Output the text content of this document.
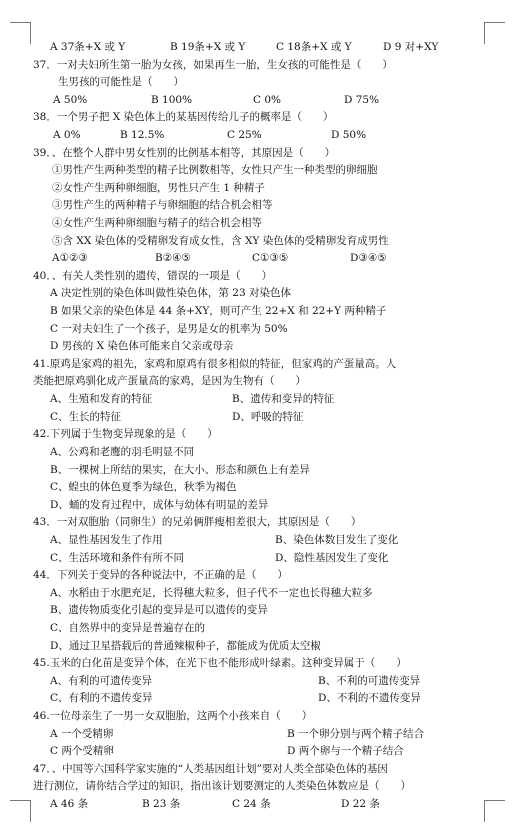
A 37条+X 或 Y	B 19条+X 或 Y	C 18条+X 或 Y	D 9 对+XY
37．一对夫妇所生第一胎为女孩，如果再生一胎，生女孩的可能性是（　　）
生男孩的可能性是（　　）
A 50%	B 100%	C 0%	D 75%
38．一个男子把 X 染色体上的某基因传给儿子的概率是（　　）
A 0%	B 12.5%	C 25%	D 50%
39．、在整个人群中男女性别的比例基本相等，其原因是（　　）
①男性产生两种类型的精子比例数相等，女性只产生一种类型的卵细胞
②女性产生两种卵细胞，男性只产生 1 种精子
③男性产生的两种精子与卵细胞的结合机会相等
④女性产生两种卵细胞与精子的结合机会相等
⑤含 XX 染色体的受精卵发育成女性，含 XY 染色体的受精卵发育成男性
A①②③	B②④⑤	C①③⑤	D③④⑤
40．、有关人类性别的遗传，错误的一项是（　　）
A 决定性别的染色体叫做性染色体，第 23 对染色体
B 如果父亲的染色体是 44 条+XY，则可产生 22+X 和 22+Y 两种精子
C 一对夫妇生了一个孩子，是男是女的机率为 50%
D 男孩的 X 染色体可能来自父亲或母亲
41.原鸡是家鸡的祖先，家鸡和原鸡有很多相似的特征，但家鸡的产蛋量高。人
类能把原鸡驯化成产蛋量高的家鸡，是因为生物有（　　）
A、生殖和发育的特征	B、遗传和变异的特征
C、生长的特征	D、呼吸的特征
42.下列属于生物变异现象的是（　　）
A、公鸡和老鹰的羽毛明显不同
B、一棵树上所结的果实，在大小、形态和颜色上有差异
C、蝗虫的体色夏季为绿色，秋季为褐色
D、蛹的发育过程中，成体与幼体有明显的差异
43．一对双胞胎（同卵生）的兄弟俩胖瘦相差很大，其原因是（　　）
A、显性基因发生了作用	B、染色体数目发生了变化
C、生活环境和条件有所不同	D、隐性基因发生了变化
44．下列关于变异的各种说法中，不正确的是（　　）
A、水稻由于水肥充足，长得穗大粒多，但子代不一定也长得穗大粒多
B、遗传物质变化引起的变异是可以遗传的变异
C、自然界中的变异是普遍存在的
D、通过卫星搭载后的普通辣椒种子，都能成为优质太空椒
45.玉米的白化苗是变异个体，在光下也不能形成叶绿素。这种变异属于（　　）
A、有利的可遗传变异	B、不利的可遗传变异
C、有利的不遗传变异	D、不利的不遗传变异
46.一位母亲生了一男一女双胞胎，这两个小孩来自（　　）
A 一个受精卵	B 一个卵分别与两个精子结合
C 两个受精卵	D 两个卵与一个精子结合
47．、中国等六国科学家实施的“人类基因组计划”要对人类全部染色体的基因
进行测位，请你结合学过的知识，指出该计划要测定的人类染色体数应是（　　）
A 46 条	B 23 条	C 24 条	D 22 条
